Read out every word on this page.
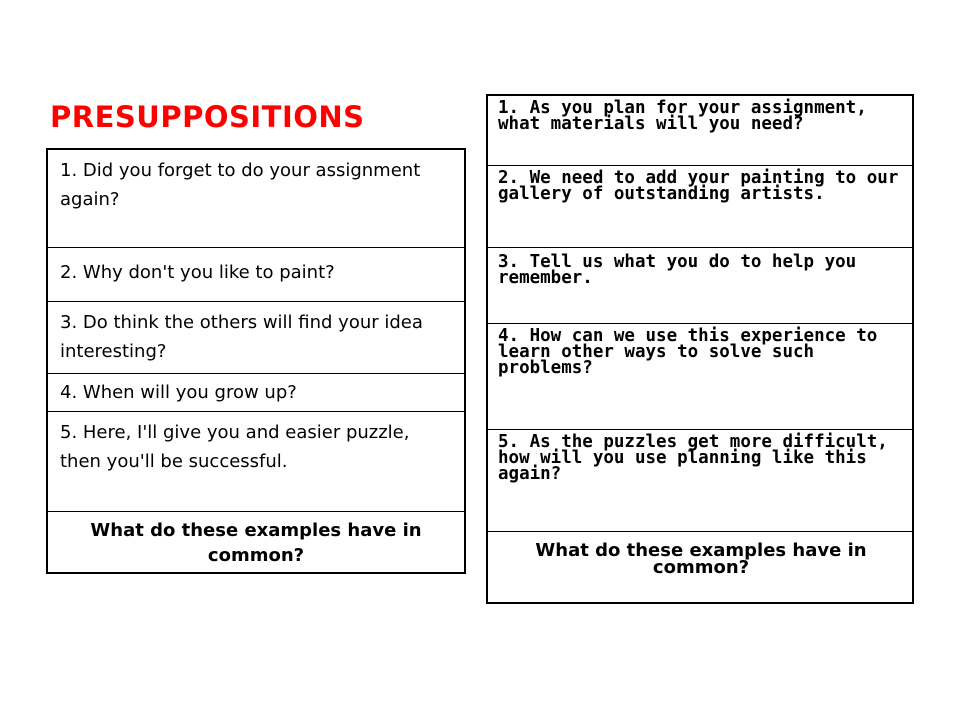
PRESUPPOSITIONS
1. Did you forget to do your assignment again?
2. Why don't you like to paint?
3. Do think the others will find your idea interesting?
4. When will you grow up?
5. Here, I'll give you and easier puzzle, then you'll be successful.
What do these examples have in common?
1. As you plan for your assignment, what materials will you need?
2. We need to add your painting to our gallery of outstanding artists.
3. Tell us what you do to help you remember.
4. How can we use this experience to learn other ways to solve such problems?
5. As the puzzles get more difficult, how will you use planning like this again?
What do these examples have in common?
